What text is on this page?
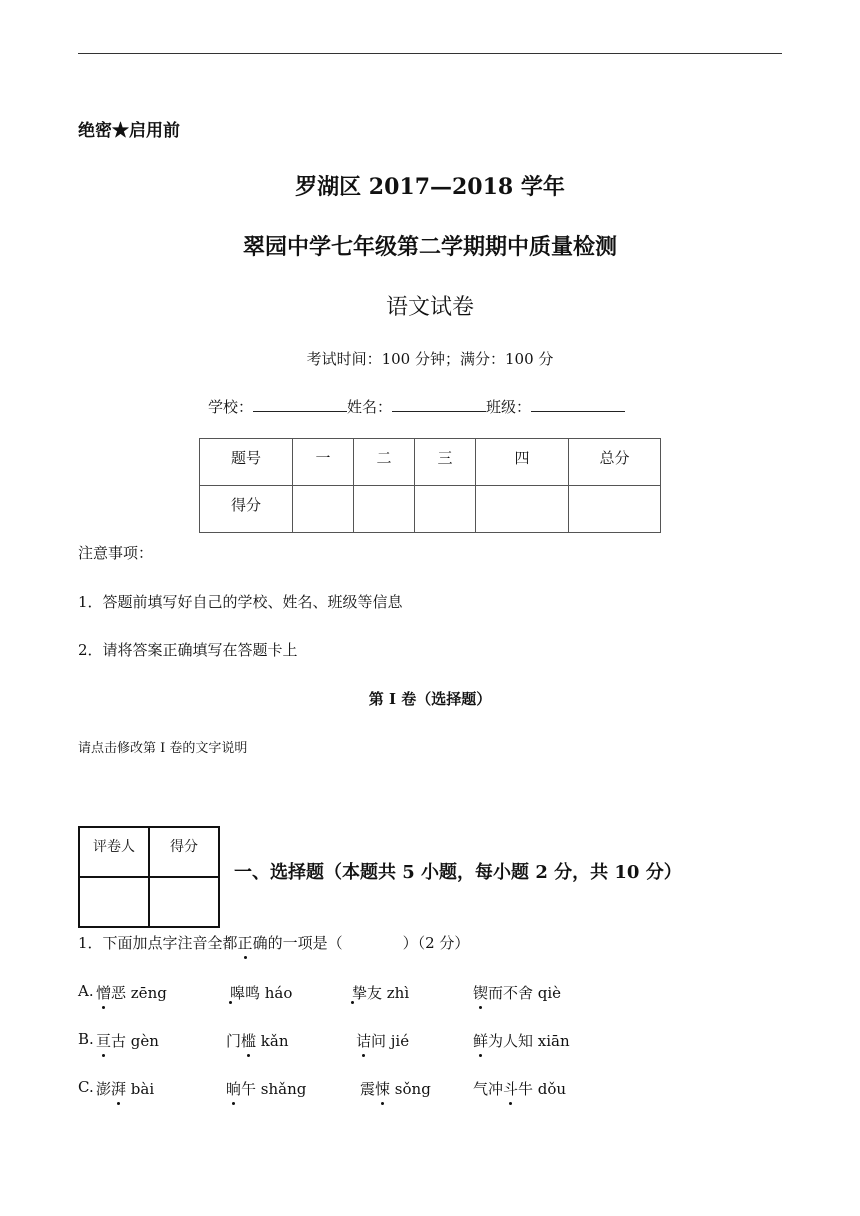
绝密★启用前
罗湖区 2017—2018 学年
翠园中学七年级第二学期期中质量检测
语文试卷
考试时间：100 分钟；满分：100 分
学校：	姓名：	班级：
题号	一	二	三	四	总分
得分					
注意事项：
1．答题前填写好自己的学校、姓名、班级等信息
2．请将答案正确填写在答题卡上
第 I 卷（选择题）
请点击修改第 I 卷的文字说明
评卷人	得分

一、选择题（本题共 5 小题，每小题 2 分，共 10 分）
1．下面加点字注音全都正确的一项是（　　　　）（2 分）
A. 憎恶 zēng	嗥鸣 háo	挚友 zhì	锲而不舍 qiè
B. 亘古 gèn	门槛 kǎn	诘问 jié	鲜为人知 xiān
C. 澎湃 bài	晌午 shǎng	震悚 sǒng	气冲斗牛 dǒu
